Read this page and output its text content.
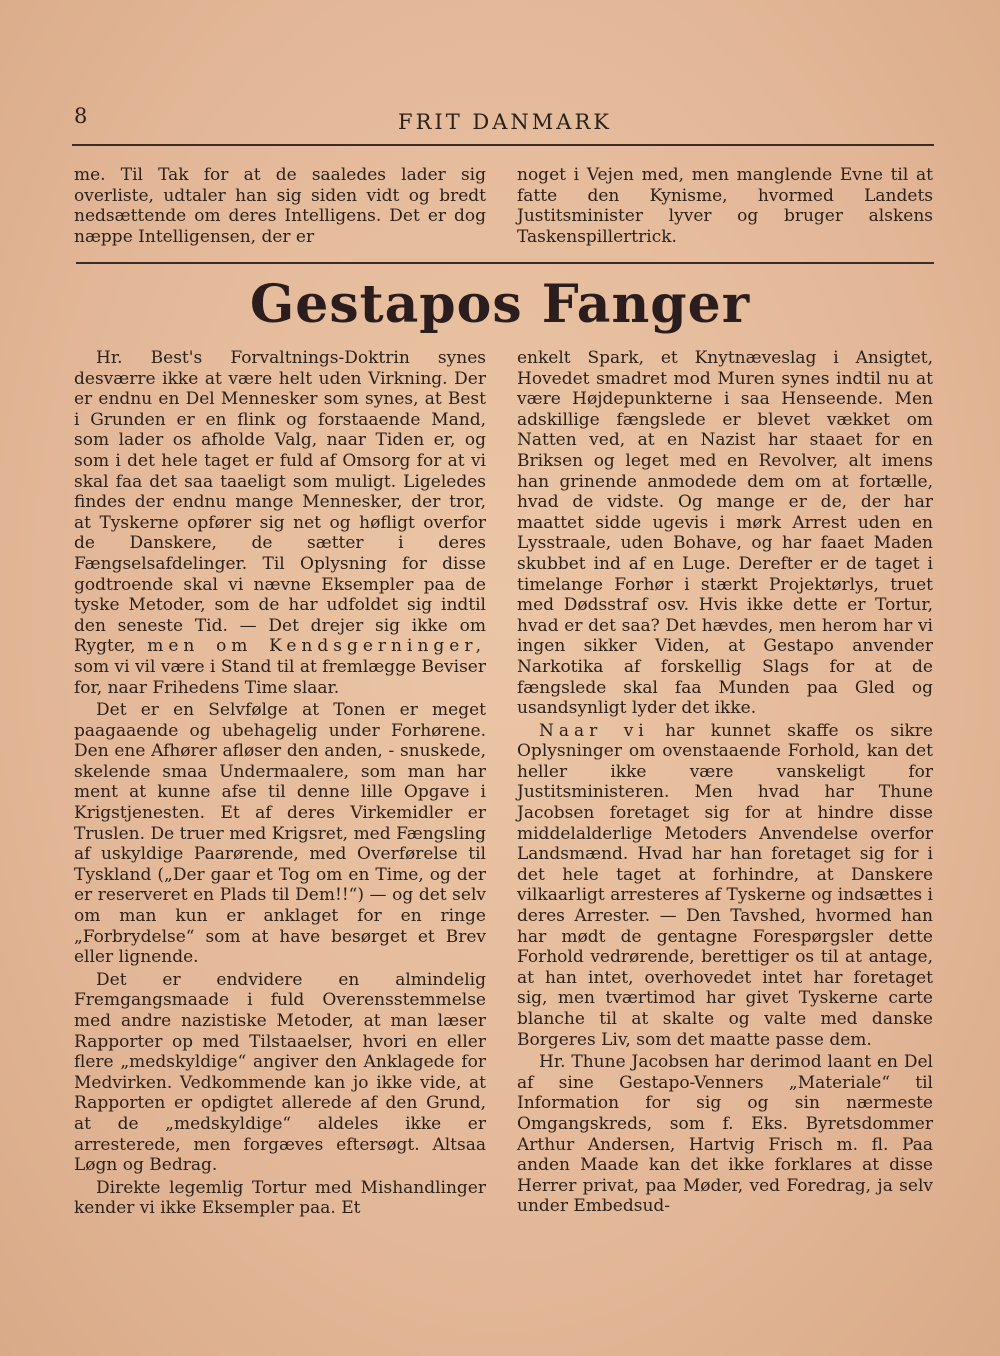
8	FRIT DANMARK

me. Til Tak for at de saaledes lader sig overliste, udtaler han sig siden vidt og bredt nedsættende om deres Intelligens. Det er dog næppe Intelligensen, der er

noget i Vejen med, men manglende Evne til at fatte den Kynisme, hvormed Landets Justitsminister lyver og bruger alskens Taskenspillertrick.

Gestapos Fanger

Hr. Best's Forvaltnings-Doktrin synes desværre ikke at være helt uden Virkning. Der er endnu en Del Mennesker som synes, at Best i Grunden er en flink og forstaaende Mand, som lader os afholde Valg, naar Tiden er, og som i det hele taget er fuld af Omsorg for at vi skal faa det saa taaeligt som muligt. Ligeledes findes der endnu mange Mennesker, der tror, at Tyskerne opfører sig net og høfligt overfor de Danskere, de sætter i deres Fængselsafdelinger. Til Oplysning for disse godtroende skal vi nævne Eksempler paa de tyske Metoder, som de har udfoldet sig indtil den seneste Tid. — Det drejer sig ikke om Rygter, men om Kendsgerninger, som vi vil være i Stand til at fremlægge Beviser for, naar Frihedens Time slaar.

Det er en Selvfølge at Tonen er meget paagaaende og ubehagelig under Forhørene. Den ene Afhører afløser den anden, - snuskede, skelende smaa Undermaalere, som man har ment at kunne afse til denne lille Opgave i Krigstjenesten. Et af deres Virkemidler er Truslen. De truer med Krigsret, med Fængsling af uskyldige Paarørende, med Overførelse til Tyskland („Der gaar et Tog om en Time, og der er reserveret en Plads til Dem!!“) — og det selv om man kun er anklaget for en ringe „Forbrydelse“ som at have besørget et Brev eller lignende.

Det er endvidere en almindelig Fremgangsmaade i fuld Overensstemmelse med andre nazistiske Metoder, at man læser Rapporter op med Tilstaaelser, hvori en eller flere „medskyldige“ angiver den Anklagede for Medvirken. Vedkommende kan jo ikke vide, at Rapporten er opdigtet allerede af den Grund, at de „medskyldige“ aldeles ikke er arresterede, men forgæves eftersøgt. Altsaa Løgn og Bedrag.

Direkte legemlig Tortur med Mishandlinger kender vi ikke Eksempler paa. Et

enkelt Spark, et Knytnæveslag i Ansigtet, Hovedet smadret mod Muren synes indtil nu at være Højdepunkterne i saa Henseende. Men adskillige fængslede er blevet vækket om Natten ved, at en Nazist har staaet for en Briksen og leget med en Revolver, alt imens han grinende anmodede dem om at fortælle, hvad de vidste. Og mange er de, der har maattet sidde ugevis i mørk Arrest uden en Lysstraale, uden Bohave, og har faaet Maden skubbet ind af en Luge. Derefter er de taget i timelange Forhør i stærkt Projektørlys, truet med Dødsstraf osv. Hvis ikke dette er Tortur, hvad er det saa? Det hævdes, men herom har vi ingen sikker Viden, at Gestapo anvender Narkotika af forskellig Slags for at de fængslede skal faa Munden paa Gled og usandsynligt lyder det ikke.

Naar vi har kunnet skaffe os sikre Oplysninger om ovenstaaende Forhold, kan det heller ikke være vanskeligt for Justitsministeren. Men hvad har Thune Jacobsen foretaget sig for at hindre disse middelalderlige Metoders Anvendelse overfor Landsmænd. Hvad har han foretaget sig for i det hele taget at forhindre, at Danskere vilkaarligt arresteres af Tyskerne og indsættes i deres Arrester. — Den Tavshed, hvormed han har mødt de gentagne Forespørgsler dette Forhold vedrørende, berettiger os til at antage, at han intet, overhovedet intet har foretaget sig, men tværtimod har givet Tyskerne carte blanche til at skalte og valte med danske Borgeres Liv, som det maatte passe dem.

Hr. Thune Jacobsen har derimod laant en Del af sine Gestapo-Venners „Materiale“ til Information for sig og sin nærmeste Omgangskreds, som f. Eks. Byretsdommer Arthur Andersen, Hartvig Frisch m. fl. Paa anden Maade kan det ikke forklares at disse Herrer privat, paa Møder, ved Foredrag, ja selv under Embedsud-
